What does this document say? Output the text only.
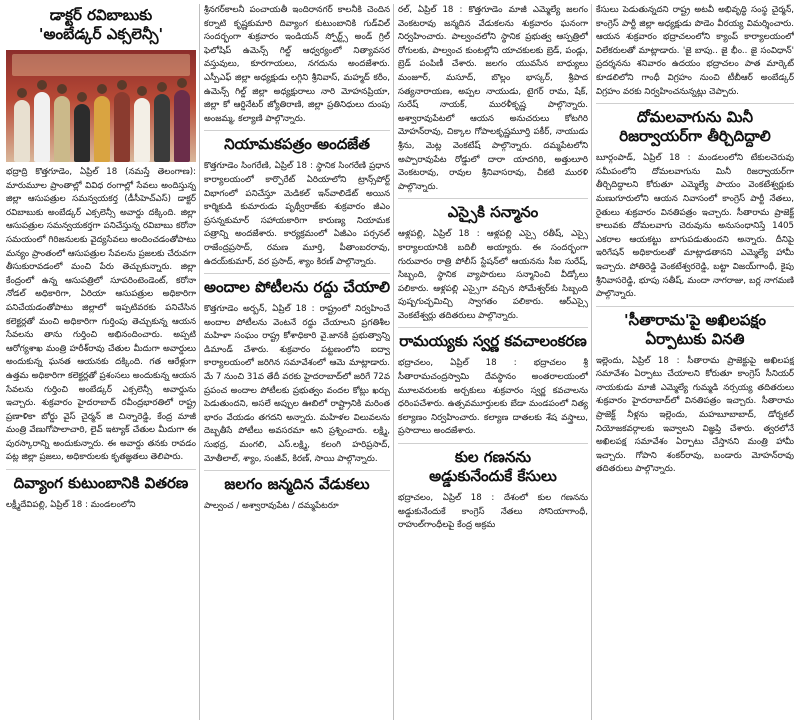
డాక్టర్ రవిబాబుకు
'అంబేడ్కర్ ఎక్సలెన్సీ'

భద్రాద్రి కొత్తగూడెం, ఏప్రిల్ 18 (నమస్తే తెలంగాణ): మారుమూల ప్రాంతాల్లో వివిధ రంగాల్లో సేవలు అందిస్తున్న జిల్లా ఆసుపత్రుల సమన్వయకర్త (డీసీహెచ్ఎస్) డాక్టర్ రవిబాబుకు అంబేడ్కర్ ఎక్సలెన్సీ అవార్డు దక్కింది. జిల్లా ఆసుపత్రుల సమన్వయకర్తగా పనిచేస్తున్న రవిబాబు కరోనా సమయంలో గిరిజనులకు వైద్యసేవలు అందించడంతోపాటు మన్యం ప్రాంతంలో ఆసుపత్రుల సేవలను ప్రజలకు చేరువగా తీసుకురావడంలో మంచి పేరు తెచ్చుకున్నారు. జిల్లా కేంద్రంలో ఉన్న ఆసుపత్రిలో సూపరింటెండెంట్, కరోనా నోడల్ అధికారిగా, ఏరియా ఆసుపత్రుల అధికారిగా పనిచేయడంతోపాటు జిల్లాలో ఇప్పటివరకు పనిచేసిన కలెక్టర్లతో మంచి అధికారిగా గుర్తింపు తెచ్చుకున్న ఆయన సేవలను తాను గుర్తించి అభినందించారు. అప్పటి ఆరోగ్యశాఖ మంత్రి హరీశ్‌రావు చేతుల మీదుగా అవార్డులు అందుకున్న ఘనత ఆయనకు దక్కింది. గత ఆరేళ్లుగా ఉత్తమ అధికారిగా కలెక్టర్లతో ప్రశంసలు అందుకున్న ఆయన సేవలను గుర్తించి అంబేడ్కర్ ఎక్సలెన్సీ అవార్డును ఇచ్చారు. శుక్రవారం హైదరాబాద్ రవీంద్రభారతిలో రాష్ట్ర ప్రణాళికా బోర్డు వైస్ చైర్మన్ జి చిన్నారెడ్డి, కేంద్ర మాజీ మంత్రి వేణుగోపాలాచారి, లైవ్ ఇట్యాక్ చేతుల మీదుగా ఈ పురస్కారాన్ని అందుకున్నారు. ఈ అవార్డు తనకు రావడం పట్ల జిల్లా ప్రజలు, అధికారులకు కృతజ్ఞతలు తెలిపారు.

దివ్యాంగ కుటుంబానికి వితరణ

లక్ష్మీదేవిపల్లి, ఏప్రిల్ 18 : మండలంలోని

శ్రీనగర్‌కాలనీ పంచాయతీ ఇందిరానగర్ కాలనీకి చెందిన కర్నాటి కృష్ణకుమారి దివ్యాంగ కుటుంబానికి గుడ్‌విల్ సందర్భంగా శుక్రవారం ఇండియన్ స్పోర్ట్స్ అండ్ గ్రిల్ ఫెలోషిప్ ఉమెన్స్ గిల్డ్ ఆధ్వర్యంలో నిత్యావసర వస్తువులు, కూరగాయలు, నగదును అందజేశారు. ఎస్పీఎఫ్ జిల్లా అధ్యక్షుడు లగ్గిని శ్రీనివాస్, మహ్మద్ కరీం, ఉమెన్స్ గిల్డ్ జిల్లా అధ్యక్షురాలు నారి మోహనప్రియా, జిల్లా కో ఆర్డినేటర్ జ్యోతిరాణి, జిల్లా ప్రతినిధులు దుంపు అంజమ్మ, కల్యాణి పాల్గొన్నారు.

నియామకపత్రం అందజేత

కొత్తగూడెం సింగరేణి, ఏప్రిల్ 18 : స్థానిక సింగరేణి ప్రధాన కార్యాలయంలో కార్పొరేట్ ఏరియాలోని ట్రాన్స్‌పోర్ట్ విభాగంలో పనిచేస్తూ మెడికల్ ఇన్‌వాలిడేట్ అయిన కార్మికుడి కుమారుడు పృథ్వీరాజ్‌కు శుక్రవారం జీఎం ప్రసన్నకుమార్ సహాయకారిగా కారుణ్య నియామక పత్రాన్ని అందజేశారు. కార్యక్రమంలో ఏజీఎం పర్సనల్ రాజేంద్రప్రసాద్, రమణ మూర్తి, పీతాంబరరావు, ఉదయ్‌కుమార్, వర ప్రసాద్, శ్యాం కిరణ్ పాల్గొన్నారు.

అందాల పోటీలను రద్దు చేయాలి

కొత్తగూడెం అర్బన్, ఏప్రిల్ 18 : రాష్ట్రంలో నిర్వహించే అందాల పోటీలను వెంటనే రద్దు చేయాలని ప్రగతిశీల మహిళా సంఘం రాష్ట్ర కోశాధికారి వై.జానకి ప్రభుత్వాన్ని డిమాండ్ చేశారు. శుక్రవారం పట్టణంలోని ఐద్వా కార్యాలయంలో జరిగిన సమావేశంలో ఆమె మాట్లాడారు. మే 7 నుంచి 31వ తేదీ వరకు హైదరాబాద్‌లో జరిగే 72వ ప్రపంచ అందాల పోటీలకు ప్రభుత్వం వందల కోట్లు ఖర్చు పెడుతుందని, అసలే అప్పుల ఊబిలో రాష్ట్రానికి మరింత భారం వేయడం తగదని అన్నారు. మహిళల విలువలను దెబ్బతీసే పోటీలు అవసరమా అని ప్రశ్నించారు. లక్ష్మి, సుభద్ర, మంగలి, ఎస్.లక్ష్మి, కలంగి హరిప్రసాద్, మోతీలాల్, శ్యాం, సంజీవ్, కిరణ్, సాయి పాల్గొన్నారు.

జలగం జన్మదిన వేడుకలు

పాల్వంచ / అశ్వారావుపేట / దమ్మపేటరూ

రల్, ఏప్రిల్ 18 : కొత్తగూడెం మాజీ ఎమ్మెల్యే జలగం వెంకటరావు జన్మదిన వేడుకలను శుక్రవారం ఘనంగా నిర్వహించారు. పాల్వంచలోని స్థానిక ప్రభుత్వ ఆస్పత్రిలో రోగులకు, పాల్వంచ కుంటల్లోని యాచకులకు బ్రెడ్, పండ్లు, బ్రెడ్ పంపిణీ చేశారు. జలగం యువసేన బాధ్యులు మంజూర్, మసూద్, బొల్లం భాస్కర్, శ్రీపాద సత్యనారాయణ, అప్పల నాయుడు, టైగర్ రామ, షేక్, సురేష్ నాయక్, మురళీకృష్ణ పాల్గొన్నారు. అశ్వారావుపేటలో ఆయన అనుచరులు కోటగిరి మోహన్‌రావు, చిక్కాల గోపాలకృష్ణమూర్తి పకీర్, నాయుడు శ్రీను, మెట్ల వెంకటేష్ పాల్గొన్నారు. దమ్మపేటలోని అప్పారావుపేట రోడ్డులో దారా యాదగిరి, అత్తులూరి వెంకటరావు, రావుల శ్రీనివాసరావు, చీకటి మురళి పాల్గొన్నారు.

ఎస్సైకి సన్మానం

ఆళ్లపల్లి, ఏప్రిల్ 18 : ఆళ్లపల్లి ఎస్సై రతీష్, ఎస్సై కార్యాలయానికి బదిలీ అయ్యారు. ఈ సందర్భంగా గురువారం రాత్రి పోలీస్ స్టేషన్‌లో ఆయనను సీఐ సురేష్, సిబ్బంది, స్థానిక వ్యాపారులు సన్మానించి వీడ్కోలు పలికారు. ఆళ్లపల్లి ఎస్సైగా వచ్చిన సోమేశ్వర్‌కు సిబ్బంది పుష్పగుచ్ఛమిచ్చి స్వాగతం పలికారు. ఆర్ఎస్సై వెంకటేశ్వర్లు తదితరులు పాల్గొన్నారు.

రామయ్యకు స్వర్ణ కవచాలంకరణ

భద్రాచలం, ఏప్రిల్ 18 : భద్రాచలం శ్రీ సీతారామచంద్రస్వామి దేవస్థానం అంతరాలయంలో మూలవరులకు అర్చకులు శుక్రవారం స్వర్ణ కవచాలను ధరింపచేశారు. ఉత్సవమూర్తులకు బేడా మండపంలో నిత్య కల్యాణం నిర్వహించారు. కల్యాణ దాతలకు శేష వస్త్రాలు, ప్రసాదాలు అందజేశారు.

కుల గణనను
అడ్డుకునేందుకే కేసులు

భద్రాచలం, ఏప్రిల్ 18 : దేశంలో కుల గణనను అడ్డుకునేందుకే కాంగ్రెస్ నేతలు సోనియాగాంధీ, రాహుల్‌గాంధీలపై కేంద్ర అక్రమ

కేసులు పెడుతున్నదని రాష్ట్ర అటవీ అభివృద్ధి సంస్థ చైర్మన్, కాంగ్రెస్ పార్టీ జిల్లా అధ్యక్షుడు పొడెం వీరయ్య విమర్శించారు. ఆయన శుక్రవారం భద్రాచలంలోని క్యాంప్ కార్యాలయంలో విలేకరులతో మాట్లాడారు. 'జై బాపు.. జై భీం.. జై సంవిధాన్' ప్రదర్శనను శనివారం ఉదయం భద్రాచలం పాత మార్కెట్ కూడలిలోని గాంధీ విగ్రహం నుంచి టీబీఆర్ అంబేడ్కర్ విగ్రహం వరకు నిర్వహించనున్నట్లు చెప్పారు.

దోమలవాగును మినీ
రిజర్వాయర్‌గా తీర్చిదిద్దాలి

బూర్గంపాడ్, ఏప్రిల్ 18 : మండలంలోని టేకులచెరువు సమీపంలోని దోమలవాగును మినీ రిజర్వాయర్‌గా తీర్చిదిద్దాలని కోరుతూ ఎమ్మెల్యే పాయం వెంకటేశ్వర్లుకు మణుగూరులోని ఆయన నివాసంలో కాంగ్రెస్ పార్టీ నేతలు, రైతులు శుక్రవారం వినతిపత్రం ఇచ్చారు. సీతారామ ప్రాజెక్ట్ కాలువకు దోమలవాగు చెరువును అనుసంధానిస్తే 1405 ఎకరాల ఆయకట్టు బాగుపడుతుందని అన్నారు. దీనిపై ఇరిగేషన్ అధికారులతో మాట్లాడతానని ఎమ్మెల్యే హామీ ఇచ్చారు. పోతిరెడ్డి వెంకటేశ్వరరెడ్డి, బట్టా విజయ్‌గాంధీ, కైపు శ్రీనివాసరెడ్డి, భూపు సతీష్, మందా నాగరాజు, బర్ల నాగమణి పాల్గొన్నారు.

'సీతారామ'పై అఖిలపక్షం
ఏర్పాటుకు వినతి

ఇల్లెందు, ఏప్రిల్ 18 : సీతారామ ప్రాజెక్టుపై అఖిలపక్ష సమావేశం ఏర్పాటు చేయాలని కోరుతూ కాంగ్రెస్ సీనియర్ నాయకుడు మాజీ ఎమ్మెల్యే గుమ్మడి నర్సయ్య తదితరులు శుక్రవారం హైదరాబాద్‌లో వినతిపత్రం ఇచ్చారు. సీతారామ ప్రాజెక్ట్ నీళ్లను ఇల్లెందు, మహబూబాబాద్, డోర్నకల్ నియోజకవర్గాలకు ఇవ్వాలని విజ్ఞప్తి చేశారు. త్వరలోనే అఖిలపక్ష సమావేశం ఏర్పాటు చేస్తానని మంత్రి హామీ ఇచ్చారు. గోపాని శంకర్‌రావు, బండారు మోహన్‌రావు తదితరులు పాల్గొన్నారు.
